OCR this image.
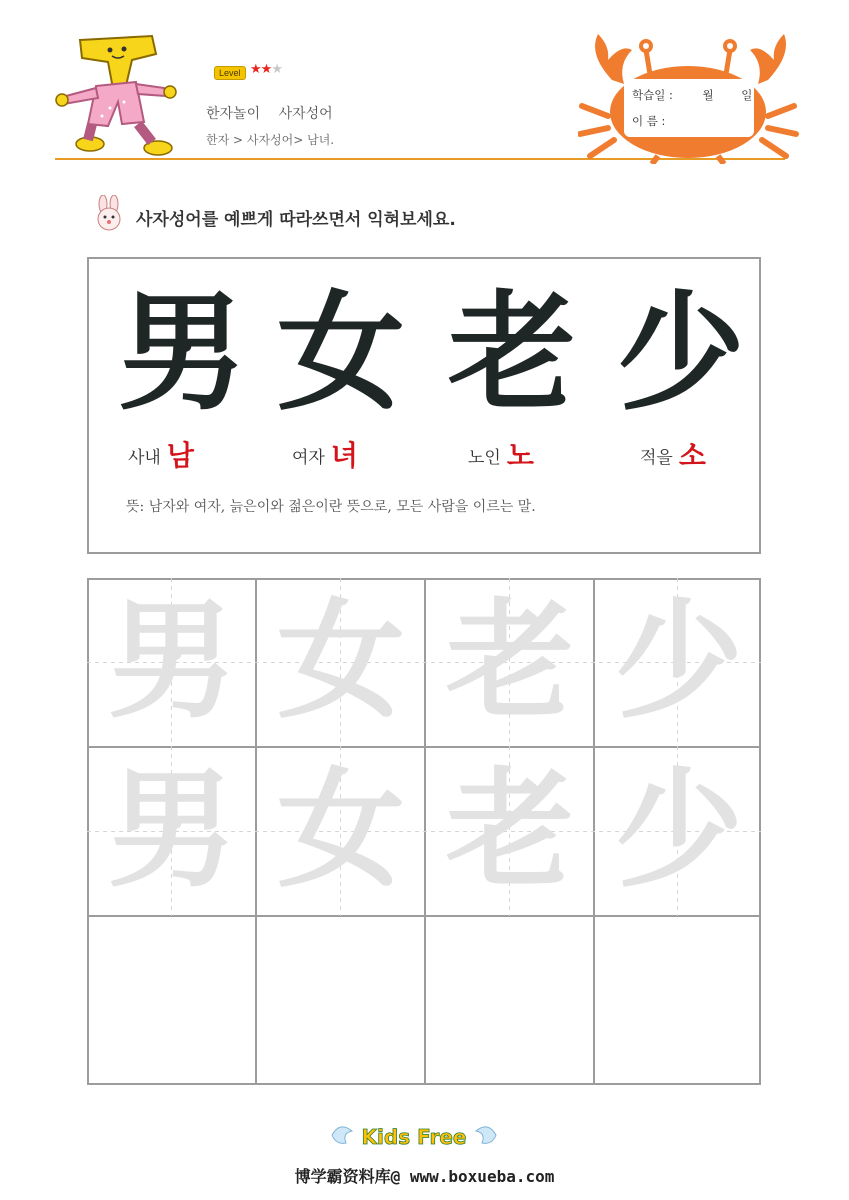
Level ★★★
한자놀이 사자성어
한자 > 사자성어> 남녀.
학습일 :	월 일
이 름 :
사자성어를 예쁘게 따라쓰면서 익혀보세요.
男 女 老 少
사내 남	여자 녀	노인 노	적을 소
뜻: 남자와 여자, 늙은이와 젊은이란 뜻으로, 모든 사람을 이르는 말.
男 女 老 少
男 女 老 少
Kids Free
博学霸资料库@ www.boxueba.com
